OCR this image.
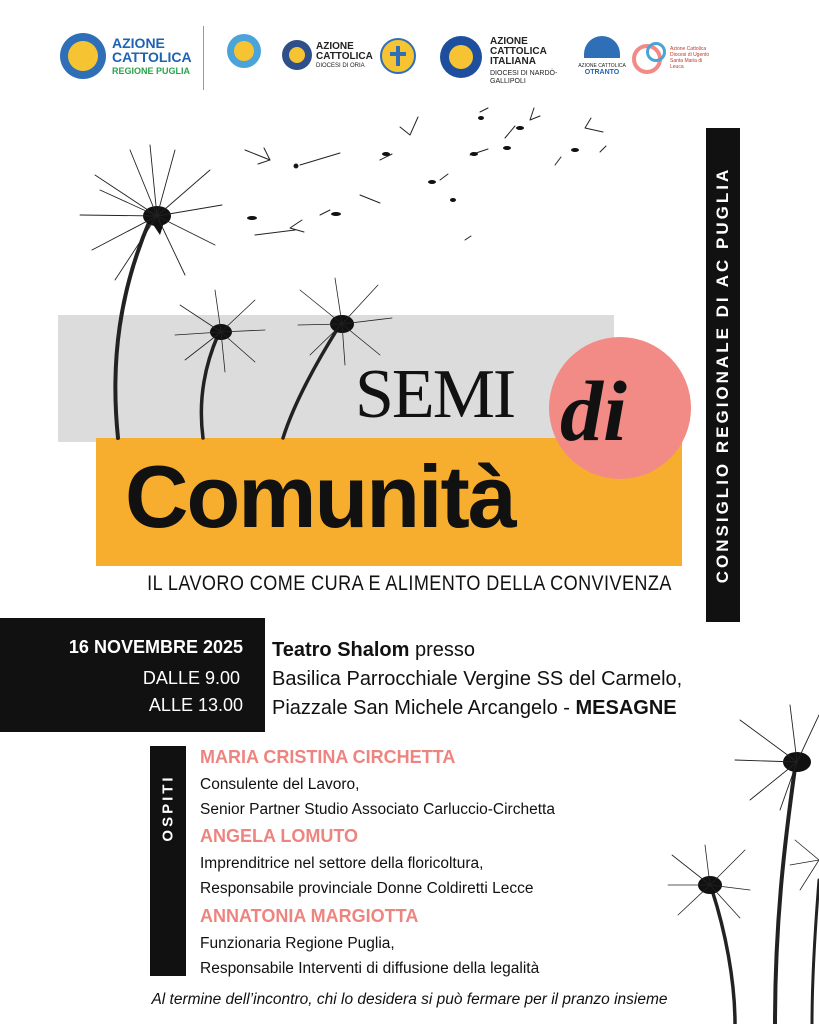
AZIONE
CATTOLICA
REGIONE PUGLIA
AZIONE
CATTOLICA
DIOCESI DI ORIA
AZIONE
CATTOLICA
ITALIANA
DIOCESI DI NARDÒ-GALLIPOLI
AZIONE CATTOLICA
OTRANTO
Azione Cattolica
Diocesi di Ugento
Santa Maria di Leuca
SEMI di
Comunità
IL LAVORO COME CURA E ALIMENTO DELLA CONVIVENZA
CONSIGLIO REGIONALE DI AC PUGLIA
16 NOVEMBRE 2025
DALLE 9.00
ALLE 13.00
Teatro Shalom presso
Basilica Parrocchiale Vergine SS del Carmelo,
Piazzale San Michele Arcangelo - MESAGNE
OSPITI
MARIA CRISTINA CIRCHETTA
Consulente del Lavoro,
Senior Partner Studio Associato Carluccio-Circhetta
ANGELA LOMUTO
Imprenditrice nel settore della floricoltura,
Responsabile provinciale Donne Coldiretti Lecce
ANNATONIA MARGIOTTA
Funzionaria Regione Puglia,
Responsabile Interventi di diffusione della legalità
Al termine dell’incontro, chi lo desidera si può fermare per il pranzo insieme
